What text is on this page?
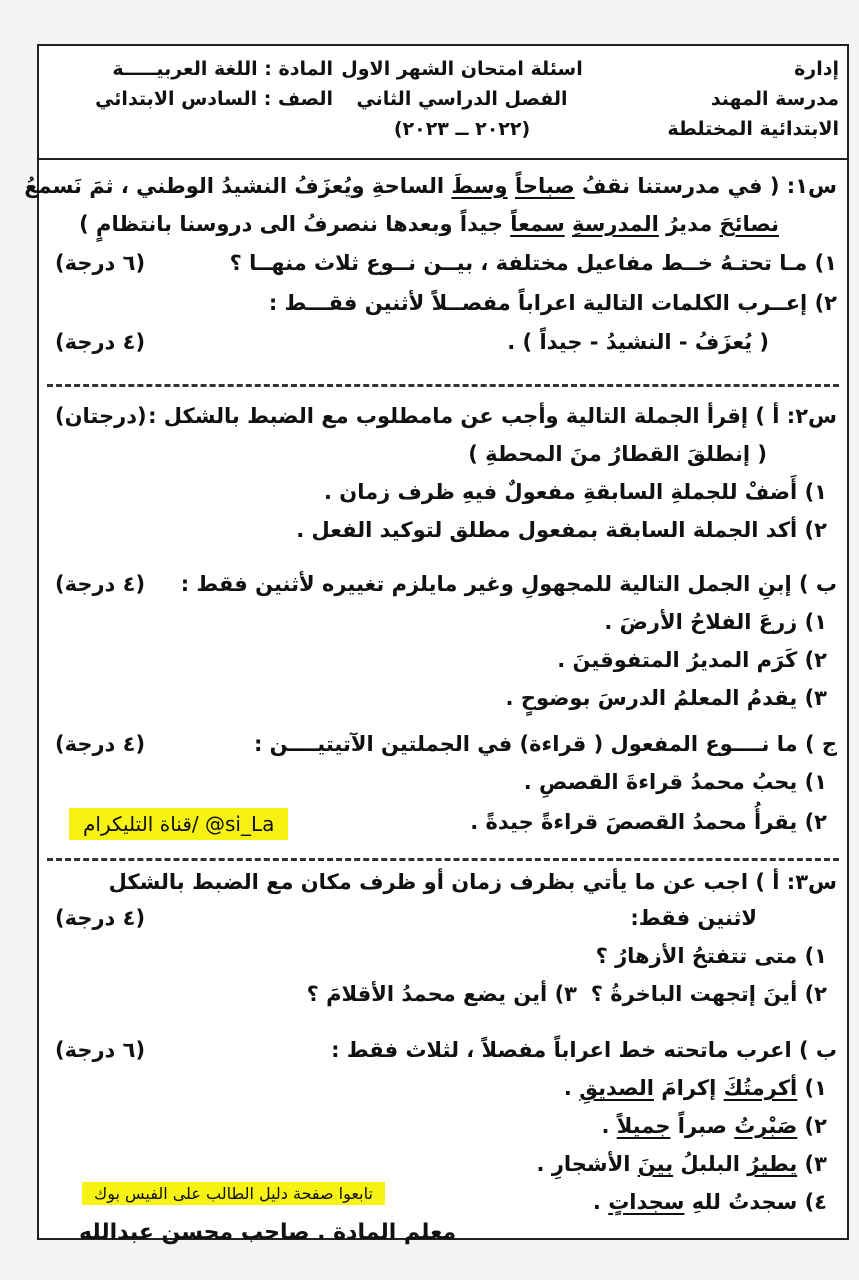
إدارة
مدرسة المهند
الابتدائية المختلطة
اسئلة امتحان الشهر الاول
الفصل الدراسي الثاني
(٢٠٢٢ ــ ٢٠٢٣)
المادة : اللغة العربيـــــة
الصف : السادس الابتدائي
س١: ( في مدرستنا نقفُ صباحاً وسطَ الساحةِ ويُعزَفُ النشيدُ الوطني ، ثمَ نَسمعُ
نصائحَ مديرُ المدرسةِ سمعاً جيداً وبعدها ننصرفُ الى دروسنا بانتظامٍ )
١) مـا تحتـهُ خــط مفاعيل مختلفة ، بيــن نــوع ثلاث منهــا ؟
(٦ درجة)
٢) إعــرب الكلمات التالية اعراباً مفصــلاً لأثنين فقـــط :
( يُعزَفُ - النشيدُ - جيداً ) .
(٤ درجة)
س٢: أ ) إقرأ الجملة التالية وأجب عن مامطلوب مع الضبط بالشكل :
(درجتان)
( إنطلقَ القطارُ منَ المحطةِ )
١) أَضفْ للجملةِ السابقةِ مفعولٌ فيهِ ظرف زمان .
٢) أكد الجملة السابقة بمفعول مطلق لتوكيد الفعل .
ب ) إبنِ الجمل التالية للمجهولِ وغير مايلزم تغييره لأثنين فقط :
(٤ درجة)
١) زرعَ الفلاحُ الأرضَ .
٢) كَرَم المديرُ المتفوقينَ .
٣) يقدمُ المعلمُ الدرسَ بوضوحٍ .
ج ) ما نــــوع المفعول ( قراءة) في الجملتين الآتيتيــــن :
(٤ درجة)
١) يحبُ محمدُ قراءةَ القصصِ .
٢) يقرأُ محمدُ القصصَ قراءةً جيدةً .
س٣: أ ) اجب عن ما يأتي بظرف زمان أو ظرف مكان مع الضبط بالشكل
لاثنين فقط:
(٤ درجة)
١) متى تتفتحُ الأزهارُ ؟
٢) أينَ إتجهت الباخرةُ ؟
٣) أين يضع محمدُ الأقلامَ ؟
ب ) اعرب ماتحته خط اعراباً مفصلاً ، لثلاث فقط :
(٦ درجة)
١) أكرمتُكَ إكرامَ الصديقِ .
٢) صَبْرتُ صبراً جميلاً .
٣) يطيرُ البلبلُ بينَ الأشجارِ .
٤) سجدتُ للهِ سجداتٍ .
قناة التليكرام/ @si_La
تابعوا صفحة دليل الطالب على الفيس بوك
معلم المادة . صاحب محسن عبدالله
